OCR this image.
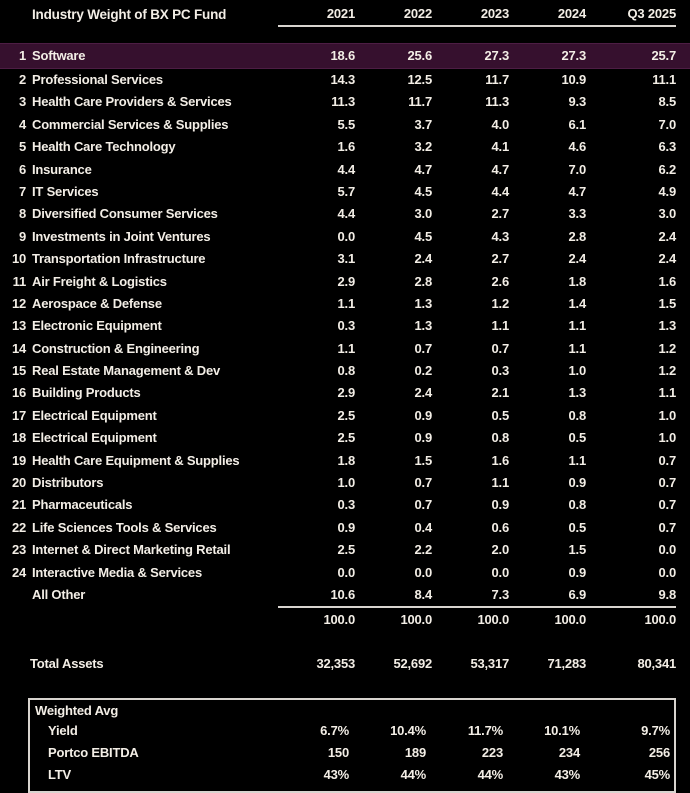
Industry Weight of BX PC Fund	2021	2022	2023	2024	Q3 2025
1 Software	18.6	25.6	27.3	27.3	25.7
2 Professional Services	14.3	12.5	11.7	10.9	11.1
3 Health Care Providers & Services	11.3	11.7	11.3	9.3	8.5
4 Commercial Services & Supplies	5.5	3.7	4.0	6.1	7.0
5 Health Care Technology	1.6	3.2	4.1	4.6	6.3
6 Insurance	4.4	4.7	4.7	7.0	6.2
7 IT Services	5.7	4.5	4.4	4.7	4.9
8 Diversified Consumer Services	4.4	3.0	2.7	3.3	3.0
9 Investments in Joint Ventures	0.0	4.5	4.3	2.8	2.4
10 Transportation Infrastructure	3.1	2.4	2.7	2.4	2.4
11 Air Freight & Logistics	2.9	2.8	2.6	1.8	1.6
12 Aerospace & Defense	1.1	1.3	1.2	1.4	1.5
13 Electronic Equipment	0.3	1.3	1.1	1.1	1.3
14 Construction & Engineering	1.1	0.7	0.7	1.1	1.2
15 Real Estate Management & Dev	0.8	0.2	0.3	1.0	1.2
16 Building Products	2.9	2.4	2.1	1.3	1.1
17 Electrical Equipment	2.5	0.9	0.5	0.8	1.0
18 Electrical Equipment	2.5	0.9	0.8	0.5	1.0
19 Health Care Equipment & Supplies	1.8	1.5	1.6	1.1	0.7
20 Distributors	1.0	0.7	1.1	0.9	0.7
21 Pharmaceuticals	0.3	0.7	0.9	0.8	0.7
22 Life Sciences Tools & Services	0.9	0.4	0.6	0.5	0.7
23 Internet & Direct Marketing Retail	2.5	2.2	2.0	1.5	0.0
24 Interactive Media & Services	0.0	0.0	0.0	0.9	0.0
All Other	10.6	8.4	7.3	6.9	9.8
100.0	100.0	100.0	100.0	100.0
Total Assets	32,353	52,692	53,317	71,283	80,341
Weighted Avg
Yield	6.7%	10.4%	11.7%	10.1%	9.7%
Portco EBITDA	150	189	223	234	256
LTV	43%	44%	44%	43%	45%
